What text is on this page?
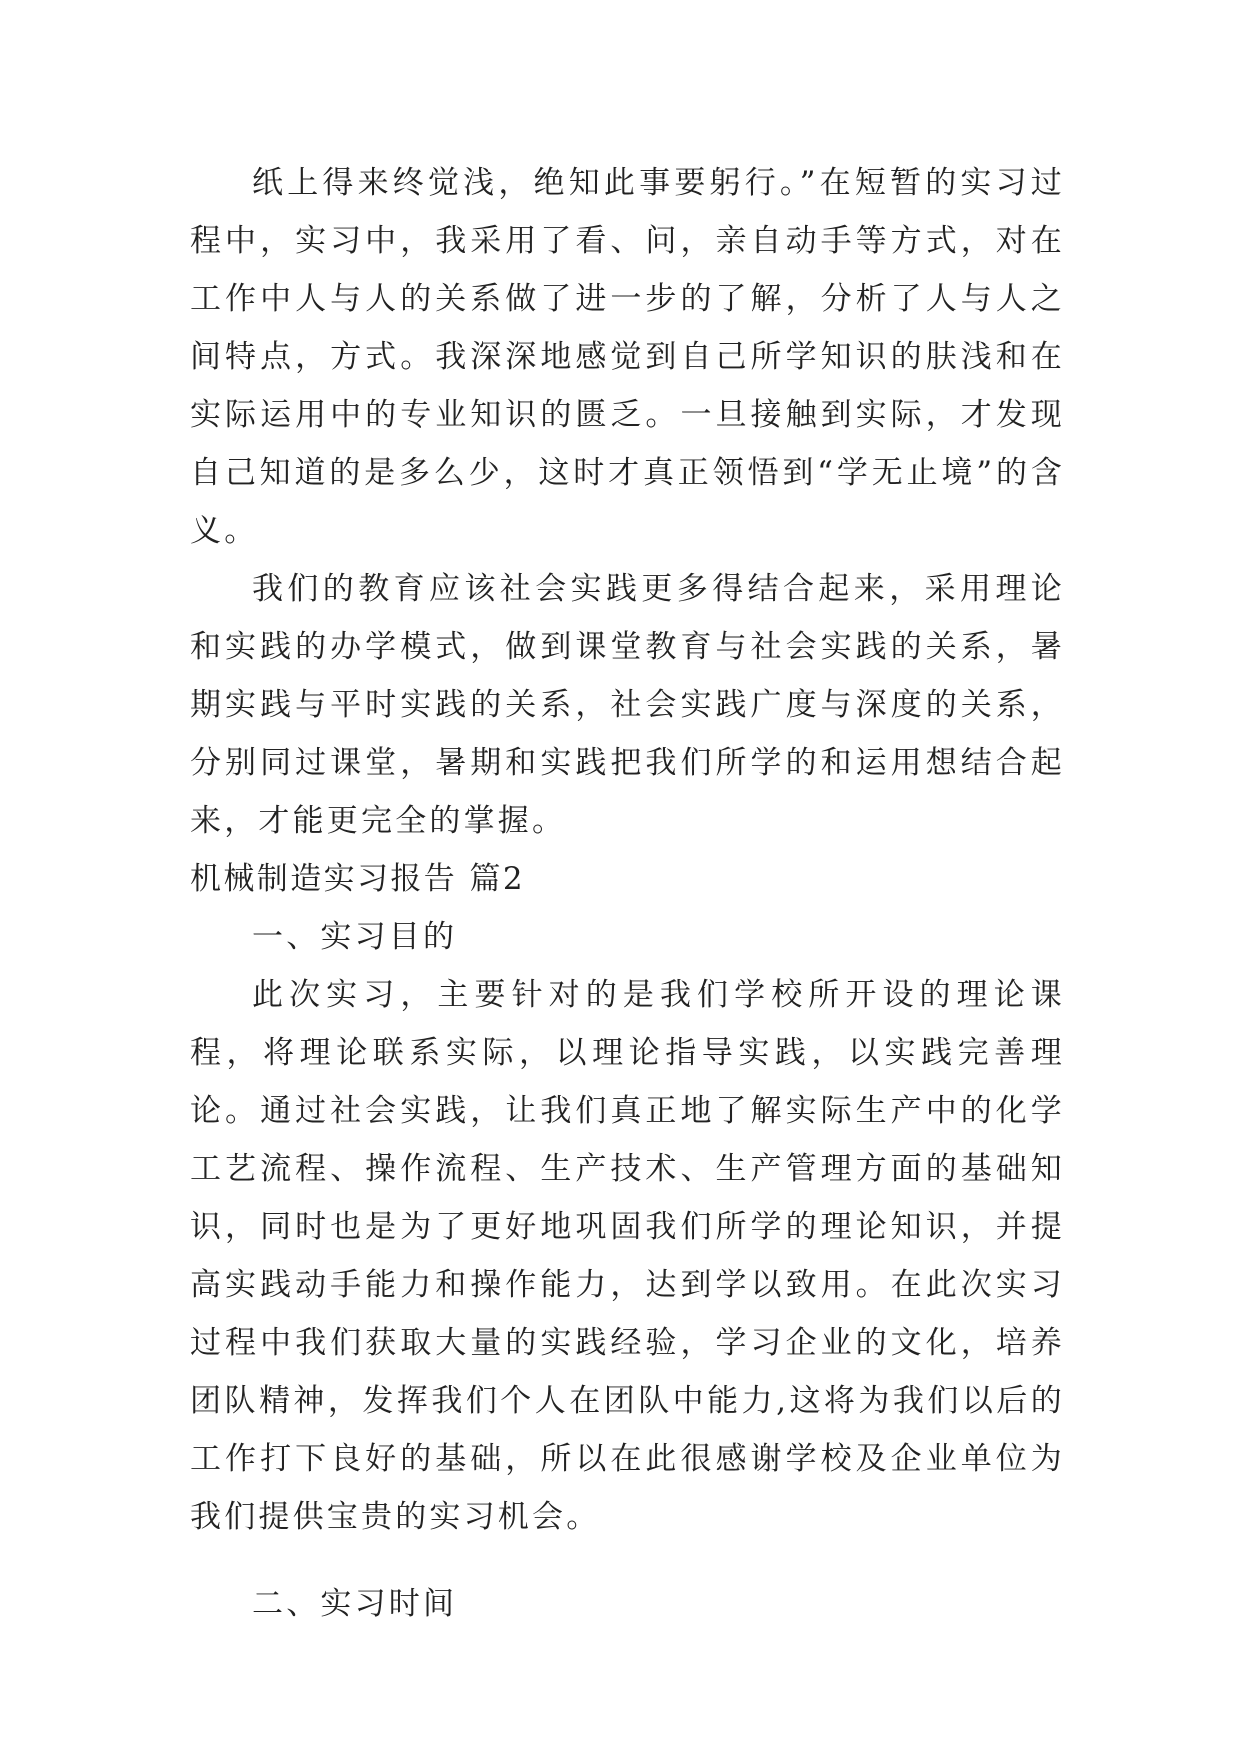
纸上得来终觉浅，绝知此事要躬行。”在短暂的实习过程中，实习中，我采用了看、问，亲自动手等方式，对在工作中人与人的关系做了进一步的了解，分析了人与人之间特点，方式。我深深地感觉到自己所学知识的肤浅和在实际运用中的专业知识的匮乏。一旦接触到实际，才发现自己知道的是多么少，这时才真正领悟到“学无止境”的含义。

我们的教育应该社会实践更多得结合起来，采用理论和实践的办学模式，做到课堂教育与社会实践的关系，暑期实践与平时实践的关系，社会实践广度与深度的关系，分别同过课堂，暑期和实践把我们所学的和运用想结合起来，才能更完全的掌握。

机械制造实习报告 篇2

一、实习目的

此次实习，主要针对的是我们学校所开设的理论课程，将理论联系实际，以理论指导实践，以实践完善理论。通过社会实践，让我们真正地了解实际生产中的化学工艺流程、操作流程、生产技术、生产管理方面的基础知识，同时也是为了更好地巩固我们所学的理论知识，并提高实践动手能力和操作能力，达到学以致用。在此次实习过程中我们获取大量的实践经验，学习企业的文化，培养团队精神，发挥我们个人在团队中能力,这将为我们以后的工作打下良好的基础，所以在此很感谢学校及企业单位为我们提供宝贵的实习机会。

二、实习时间
